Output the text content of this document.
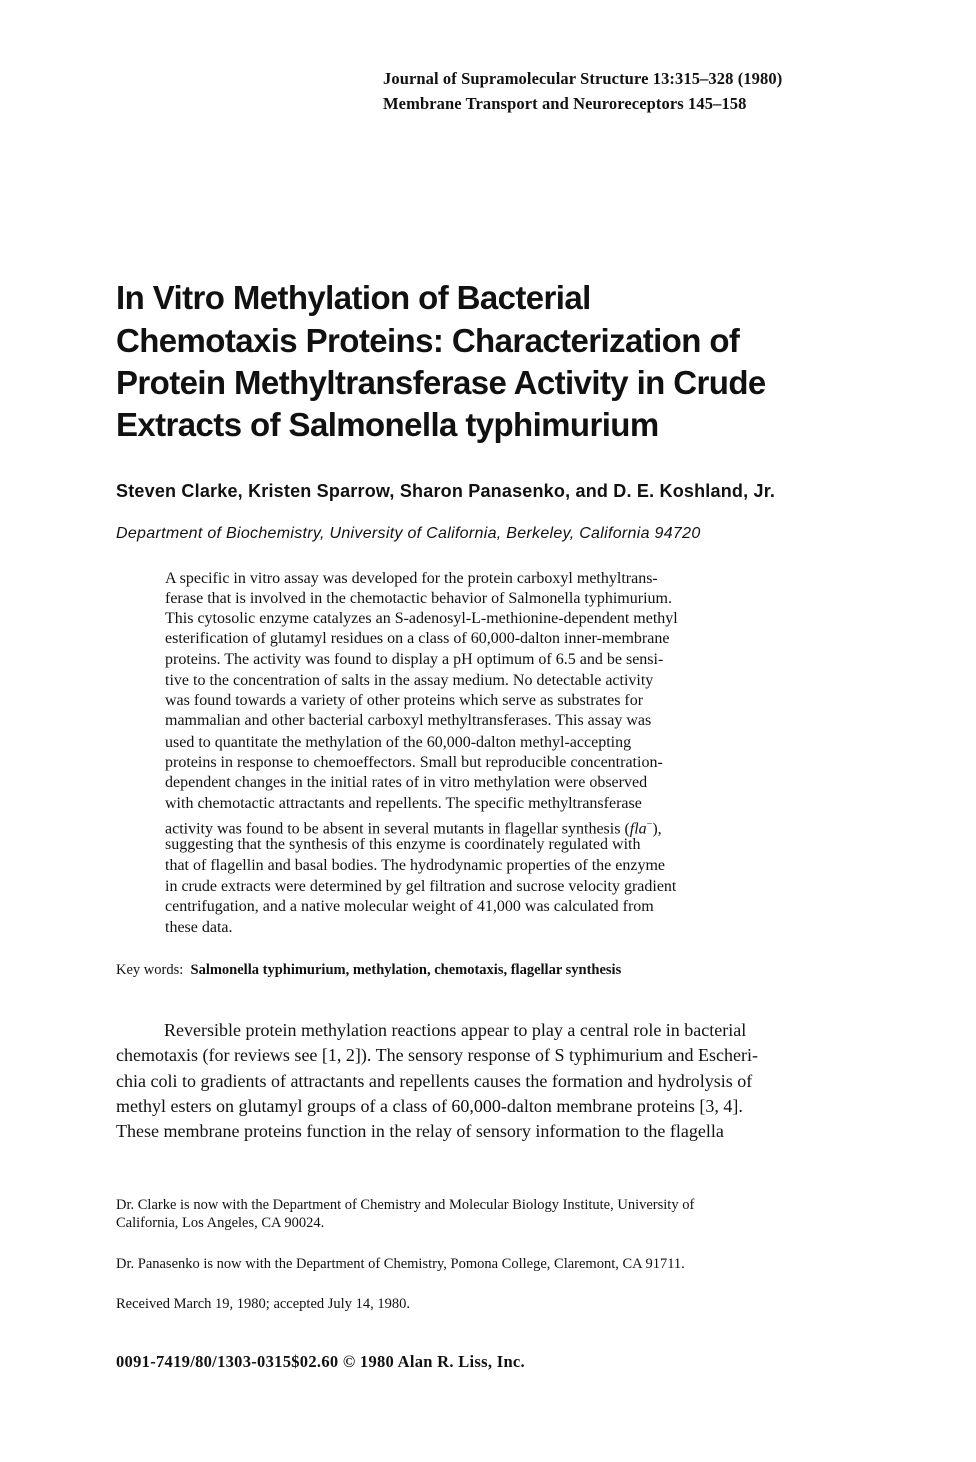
Journal of Supramolecular Structure 13:315–328 (1980)
Membrane Transport and Neuroreceptors 145–158
In Vitro Methylation of Bacterial
Chemotaxis Proteins: Characterization of
Protein Methyltransferase Activity in Crude
Extracts of Salmonella typhimurium
Steven Clarke, Kristen Sparrow, Sharon Panasenko, and D. E. Koshland, Jr.
Department of Biochemistry, University of California, Berkeley, California 94720
A specific in vitro assay was developed for the protein carboxyl methyltrans-
ferase that is involved in the chemotactic behavior of Salmonella typhimurium.
This cytosolic enzyme catalyzes an S-adenosyl-L-methionine-dependent methyl
esterification of glutamyl residues on a class of 60,000-dalton inner-membrane
proteins. The activity was found to display a pH optimum of 6.5 and be sensi-
tive to the concentration of salts in the assay medium. No detectable activity
was found towards a variety of other proteins which serve as substrates for
mammalian and other bacterial carboxyl methyltransferases. This assay was
used to quantitate the methylation of the 60,000-dalton methyl-accepting
proteins in response to chemoeffectors. Small but reproducible concentration-
dependent changes in the initial rates of in vitro methylation were observed
with chemotactic attractants and repellents. The specific methyltransferase
activity was found to be absent in several mutants in flagellar synthesis (fla−),
suggesting that the synthesis of this enzyme is coordinately regulated with
that of flagellin and basal bodies. The hydrodynamic properties of the enzyme
in crude extracts were determined by gel filtration and sucrose velocity gradient
centrifugation, and a native molecular weight of 41,000 was calculated from
these data.
Key words: Salmonella typhimurium, methylation, chemotaxis, flagellar synthesis
Reversible protein methylation reactions appear to play a central role in bacterial
chemotaxis (for reviews see [1, 2]). The sensory response of S typhimurium and Escheri-
chia coli to gradients of attractants and repellents causes the formation and hydrolysis of
methyl esters on glutamyl groups of a class of 60,000-dalton membrane proteins [3, 4].
These membrane proteins function in the relay of sensory information to the flagella
Dr. Clarke is now with the Department of Chemistry and Molecular Biology Institute, University of
California, Los Angeles, CA 90024.
Dr. Panasenko is now with the Department of Chemistry, Pomona College, Claremont, CA 91711.
Received March 19, 1980; accepted July 14, 1980.
0091-7419/80/1303-0315$02.60 © 1980 Alan R. Liss, Inc.
